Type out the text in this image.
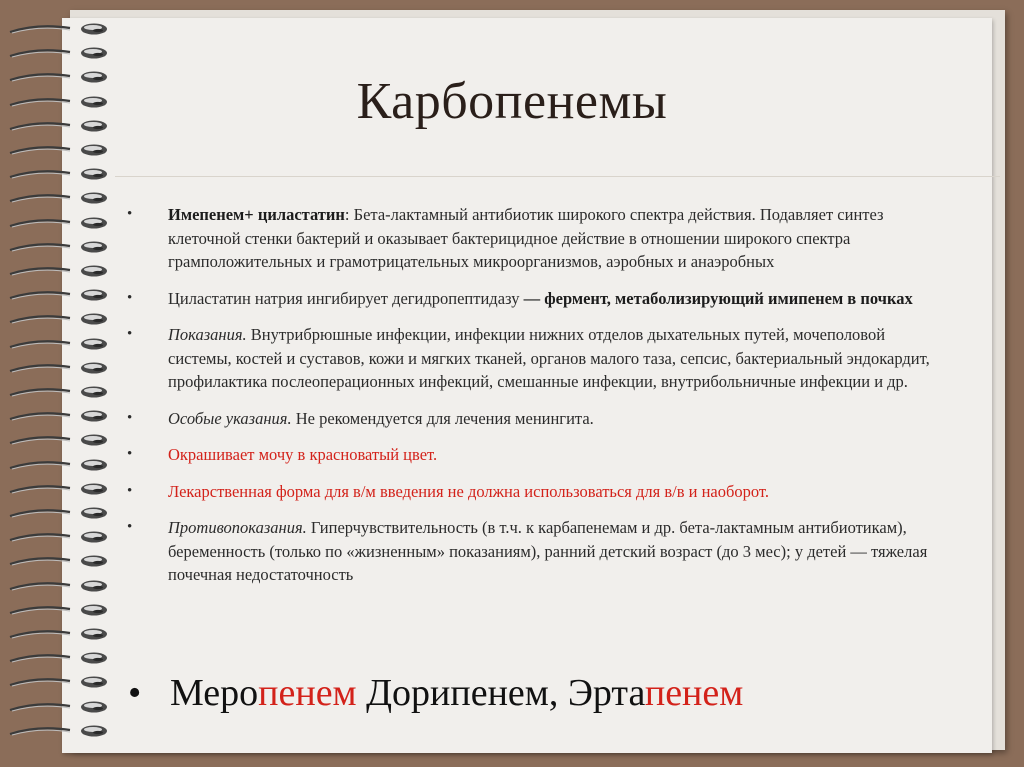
Карбопенемы
• Имепенем+ циластатин: Бета-лактамный антибиотик широкого спектра действия. Подавляет синтез клеточной стенки бактерий и оказывает бактерицидное действие в отношении широкого спектра грамположительных и грамотрицательных микроорганизмов, аэробных и анаэробных
• Циластатин натрия ингибирует дегидропептидазу — фермент, метаболизирующий имипенем в почках
• Показания. Внутрибрюшные инфекции, инфекции нижних отделов дыхательных путей, мочеполовой системы, костей и суставов, кожи и мягких тканей, органов малого таза, сепсис, бактериальный эндокардит, профилактика послеоперационных инфекций, смешанные инфекции, внутрибольничные инфекции и др.
• Особые указания. Не рекомендуется для лечения менингита.
• Окрашивает мочу в красноватый цвет.
• Лекарственная форма для в/м введения не должна использоваться для в/в и наоборот.
• Противопоказания. Гиперчувствительность (в т.ч. к карбапенемам и др. бета-лактамным антибиотикам), беременность (только по «жизненным» показаниям), ранний детский возраст (до 3 мес); у детей — тяжелая почечная недостаточность
• Меропенем Дорипенем, Эртапенем
